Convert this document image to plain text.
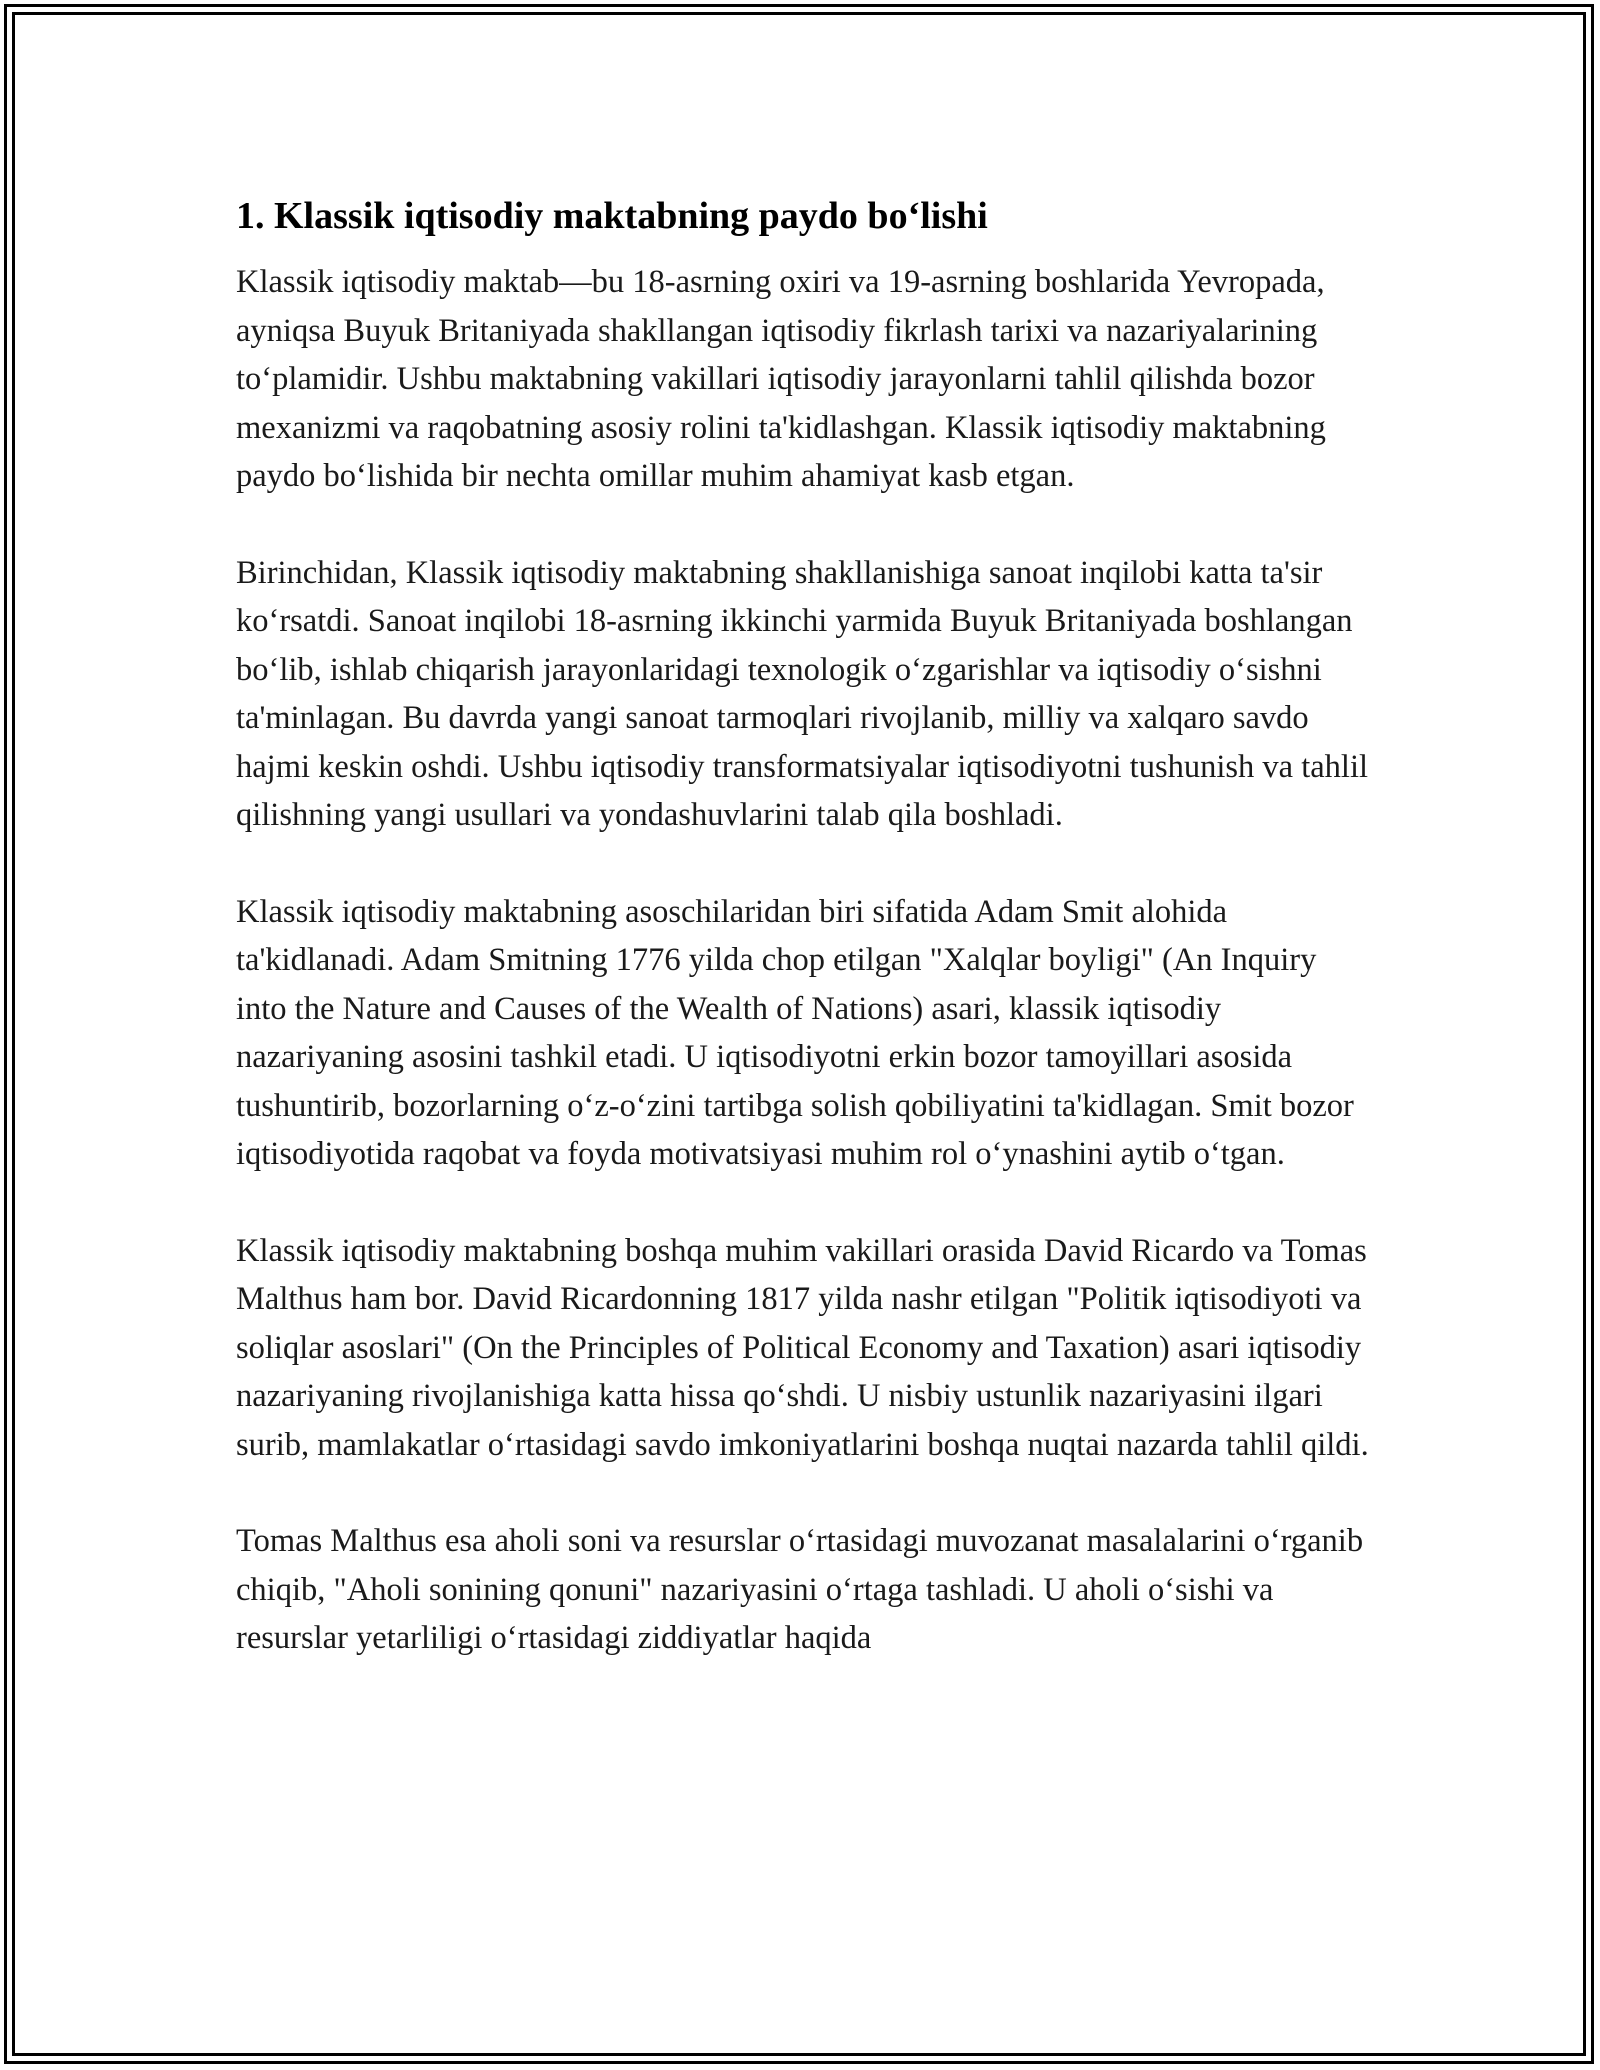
1. Klassik iqtisodiy maktabning paydo bo‘lishi

Klassik iqtisodiy maktab—bu 18-asrning oxiri va 19-asrning boshlarida Yevropada, ayniqsa Buyuk Britaniyada shakllangan iqtisodiy fikrlash tarixi va nazariyalarining to‘plamidir. Ushbu maktabning vakillari iqtisodiy jarayonlarni tahlil qilishda bozor mexanizmi va raqobatning asosiy rolini ta'kidlashgan. Klassik iqtisodiy maktabning paydo bo‘lishida bir nechta omillar muhim ahamiyat kasb etgan.

Birinchidan, Klassik iqtisodiy maktabning shakllanishiga sanoat inqilobi katta ta'sir ko‘rsatdi. Sanoat inqilobi 18-asrning ikkinchi yarmida Buyuk Britaniyada boshlangan bo‘lib, ishlab chiqarish jarayonlaridagi texnologik o‘zgarishlar va iqtisodiy o‘sishni ta'minlagan. Bu davrda yangi sanoat tarmoqlari rivojlanib, milliy va xalqaro savdo hajmi keskin oshdi. Ushbu iqtisodiy transformatsiyalar iqtisodiyotni tushunish va tahlil qilishning yangi usullari va yondashuvlarini talab qila boshladi.

Klassik iqtisodiy maktabning asoschilaridan biri sifatida Adam Smit alohida ta'kidlanadi. Adam Smitning 1776 yilda chop etilgan "Xalqlar boyligi" (An Inquiry into the Nature and Causes of the Wealth of Nations) asari, klassik iqtisodiy nazariyaning asosini tashkil etadi. U iqtisodiyotni erkin bozor tamoyillari asosida tushuntirib, bozorlarning o‘z-o‘zini tartibga solish qobiliyatini ta'kidlagan. Smit bozor iqtisodiyotida raqobat va foyda motivatsiyasi muhim rol o‘ynashini aytib o‘tgan.

Klassik iqtisodiy maktabning boshqa muhim vakillari orasida David Ricardo va Tomas Malthus ham bor. David Ricardonning 1817 yilda nashr etilgan "Politik iqtisodiyoti va soliqlar asoslari" (On the Principles of Political Economy and Taxation) asari iqtisodiy nazariyaning rivojlanishiga katta hissa qo‘shdi. U nisbiy ustunlik nazariyasini ilgari surib, mamlakatlar o‘rtasidagi savdo imkoniyatlarini boshqa nuqtai nazarda tahlil qildi.

Tomas Malthus esa aholi soni va resurslar o‘rtasidagi muvozanat masalalarini o‘rganib chiqib, "Aholi sonining qonuni" nazariyasini o‘rtaga tashladi. U aholi o‘sishi va resurslar yetarliligi o‘rtasidagi ziddiyatlar haqida
